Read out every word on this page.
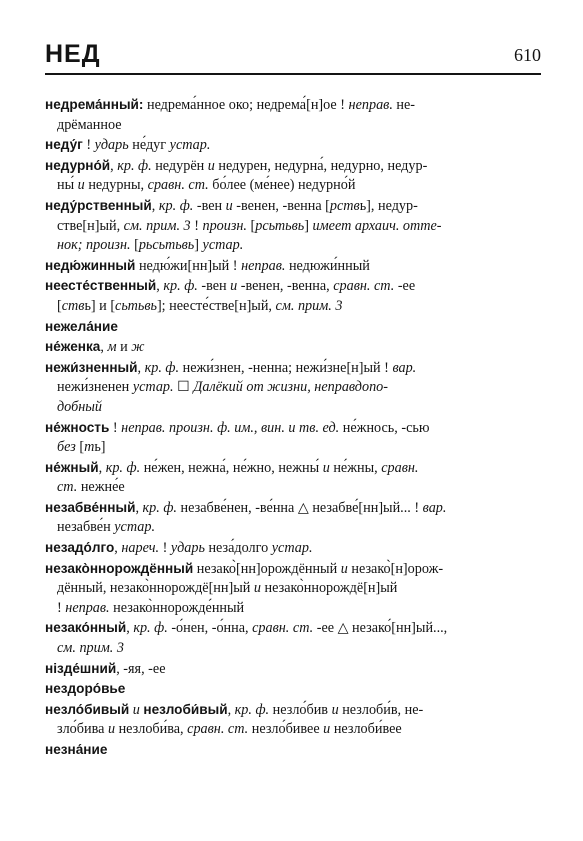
НЕД	610

недрема́нный: недрема́нное око; недрема́[н]ое ! неправ. не-
дрёманное

неду́г ! ударь не́дуг устар.

недурно́й, кр. ф. недурён и недурен, недурна́, недурно, недур-
ны́ и недурны, сравн. ст. бо́лее (ме́нее) недурно́й

неду́рственный, кр. ф. -вен и -венен, -венна [рствь], недур-
стве[н]ый, см. прим. 3 ! произн. [рсьтьвь] имеет архаич. отте-
нок; произн. [рьсьтьвь] устар.

недю́жинный недю́жи[нн]ый ! неправ. недюжи́нный

неесте́ственный, кр. ф. -вен и -венен, -венна, сравн. ст. -ее
[ствь] и [сьтьвь]; неесте́стве[н]ый, см. прим. 3

нежела́ние

не́женка, м и ж

нежи́зненный, кр. ф. нежи́знен, -ненна; нежи́зне[н]ый ! вар.
нежи́зненен устар. ☐ Далёкий от жизни, неправдопо-
добный

не́жность ! неправ. произн. ф. им., вин. и тв. ед. не́жнось, -сью
без [ть]

не́жный, кр. ф. не́жен, нежна́, не́жно, нежны́ и не́жны, сравн.
ст. нежне́е

незабве́нный, кр. ф. незабве́нен, -ве́нна △ незабве́[нн]ый... ! вар.
незабве́н устар.

незадо́лго, нареч. ! ударь неза́долго устар.

незако̀ннорождённый незако̀[нн]орождённый и незако̀[н]орож-
дённый, незако̀ннорождё[нн]ый и незако̀ннорождё[н]ый
! неправ. незако̀ннорожде́нный

незако́нный, кр. ф. -о́нен, -о́нна, сравн. ст. -ее △ незако́[нн]ый...,
см. прим. 3

нізде́шний, -яя, -ее

нездоро́вье

незло́бивый и незлоби́вый, кр. ф. незло́бив и незлоби́в, не-
зло́бива и незлоби́ва, сравн. ст. незло́бивее и незлоби́вее

незна́ние
